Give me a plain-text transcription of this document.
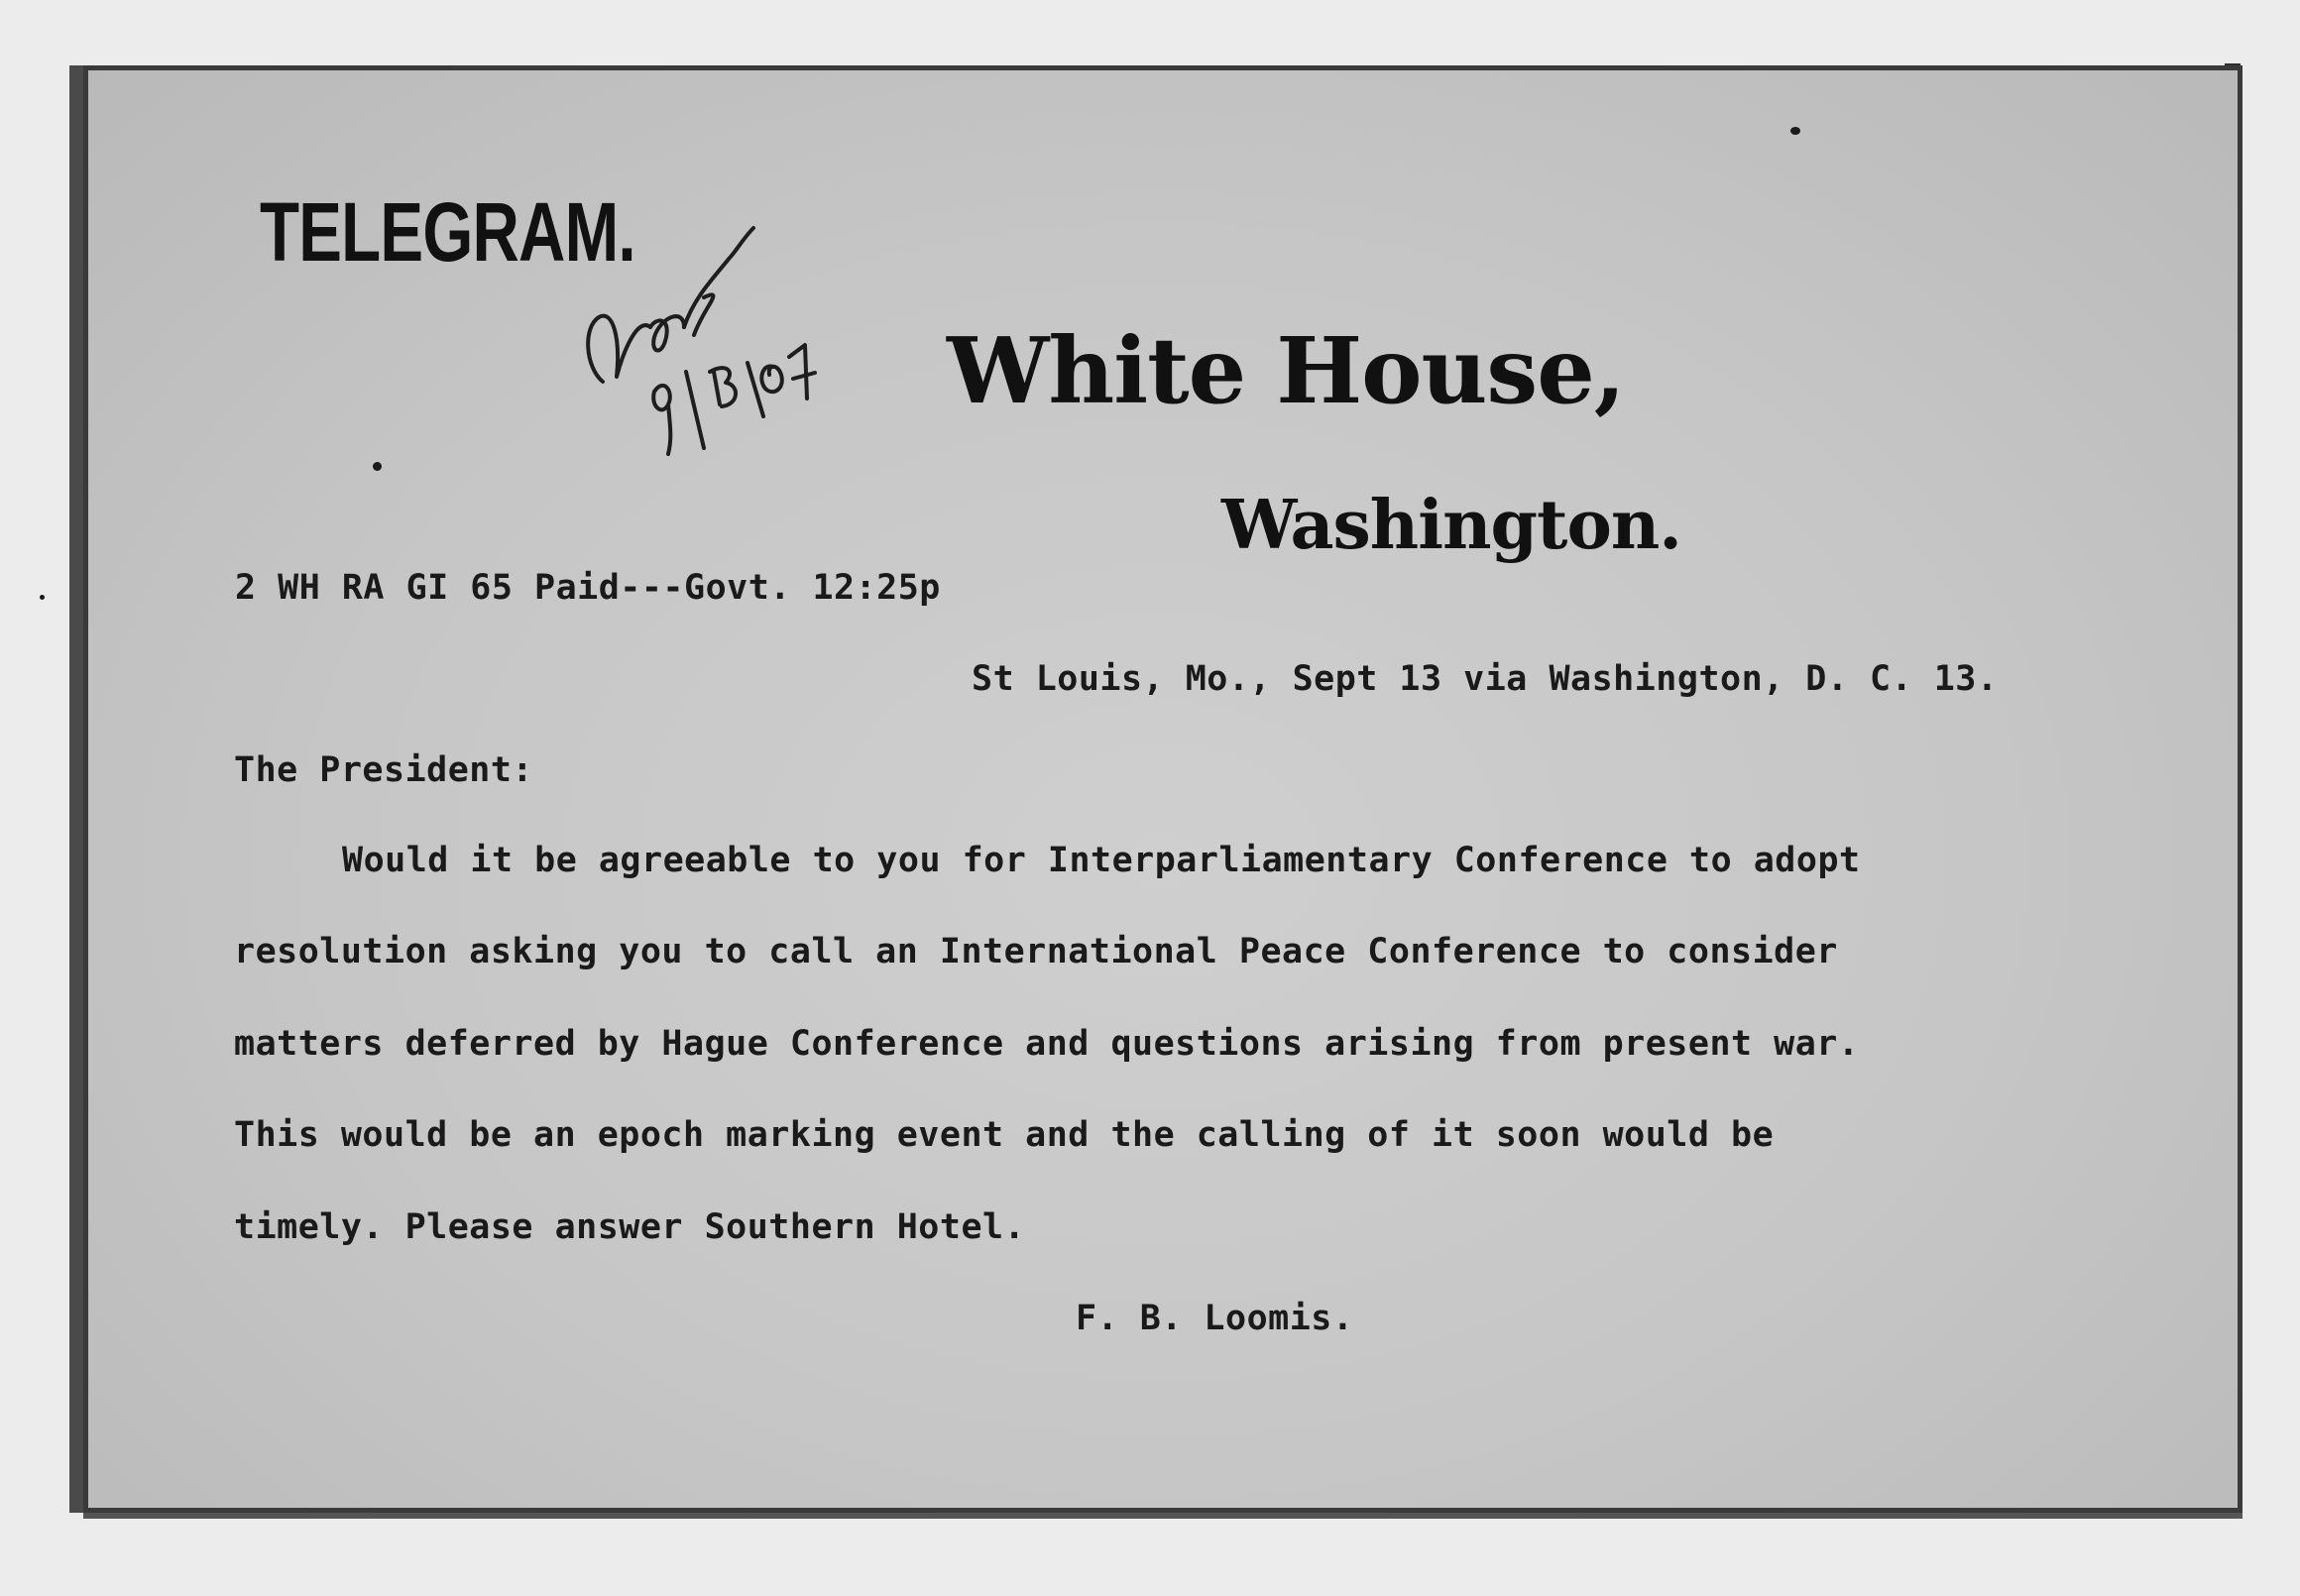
TELEGRAM.
White House,
Washington.
2 WH RA GI 65 Paid---Govt. 12:25p
St Louis, Mo., Sept 13 via Washington, D. C. 13.
The President:
Would it be agreeable to you for Interparliamentary Conference to adopt
resolution asking you to call an International Peace Conference to consider
matters deferred by Hague Conference and questions arising from present war.
This would be an epoch marking event and the calling of it soon would be
timely. Please answer Southern Hotel.
F. B. Loomis.
